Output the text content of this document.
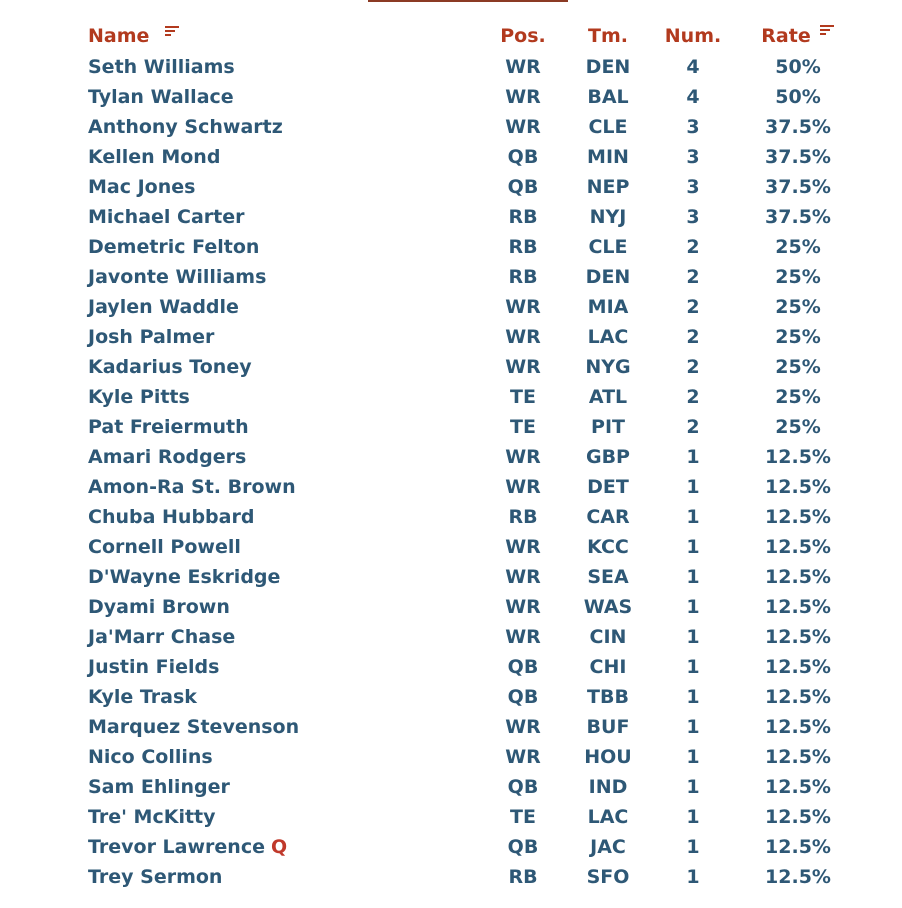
Name	Pos.	Tm.	Num.	Rate

Seth Williams	WR	DEN	4	50%
Tylan Wallace	WR	BAL	4	50%
Anthony Schwartz	WR	CLE	3	37.5%
Kellen Mond	QB	MIN	3	37.5%
Mac Jones	QB	NEP	3	37.5%
Michael Carter	RB	NYJ	3	37.5%
Demetric Felton	RB	CLE	2	25%
Javonte Williams	RB	DEN	2	25%
Jaylen Waddle	WR	MIA	2	25%
Josh Palmer	WR	LAC	2	25%
Kadarius Toney	WR	NYG	2	25%
Kyle Pitts	TE	ATL	2	25%
Pat Freiermuth	TE	PIT	2	25%
Amari Rodgers	WR	GBP	1	12.5%
Amon-Ra St. Brown	WR	DET	1	12.5%
Chuba Hubbard	RB	CAR	1	12.5%
Cornell Powell	WR	KCC	1	12.5%
D'Wayne Eskridge	WR	SEA	1	12.5%
Dyami Brown	WR	WAS	1	12.5%
Ja'Marr Chase	WR	CIN	1	12.5%
Justin Fields	QB	CHI	1	12.5%
Kyle Trask	QB	TBB	1	12.5%
Marquez Stevenson	WR	BUF	1	12.5%
Nico Collins	WR	HOU	1	12.5%
Sam Ehlinger	QB	IND	1	12.5%
Tre' McKitty	TE	LAC	1	12.5%
Trevor Lawrence Q	QB	JAC	1	12.5%
Trey Sermon	RB	SFO	1	12.5%
